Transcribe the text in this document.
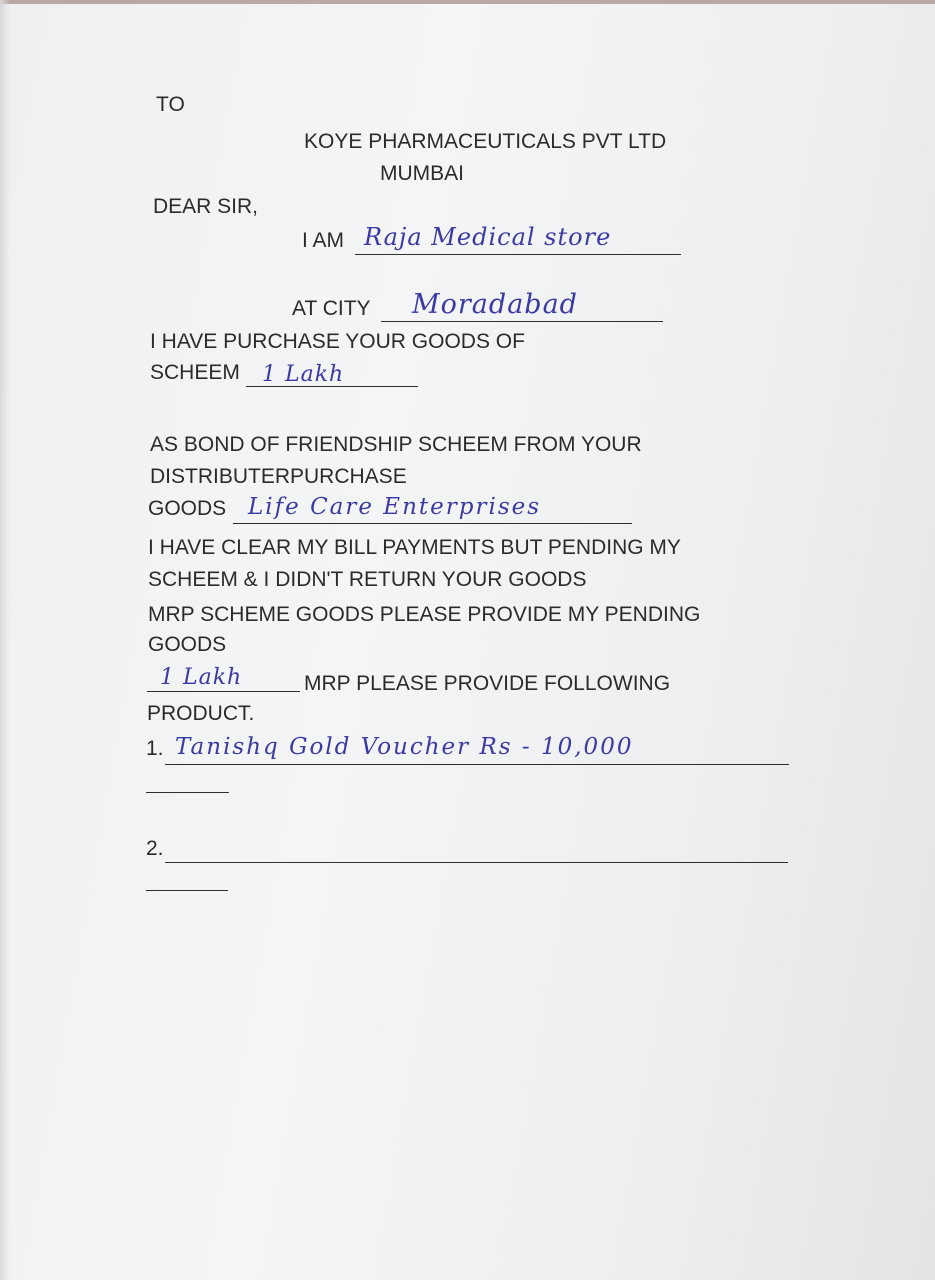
TO

KOYE PHARMACEUTICALS PVT LTD

MUMBAI

DEAR SIR,

I AM Raja Medical store

AT CITY Moradabad

I HAVE PURCHASE YOUR GOODS OF

SCHEEM 1 Lakh

AS BOND OF FRIENDSHIP SCHEEM FROM YOUR

DISTRIBUTERPURCHASE

GOODS Life Care Enterprises

I HAVE CLEAR MY BILL PAYMENTS BUT PENDING MY

SCHEEM & I DIDN'T RETURN YOUR GOODS

MRP SCHEME GOODS PLEASE PROVIDE MY PENDING

GOODS

1 Lakh	MRP PLEASE PROVIDE FOLLOWING

PRODUCT.

1. Tanishq Gold Voucher Rs - 10,000

2.
